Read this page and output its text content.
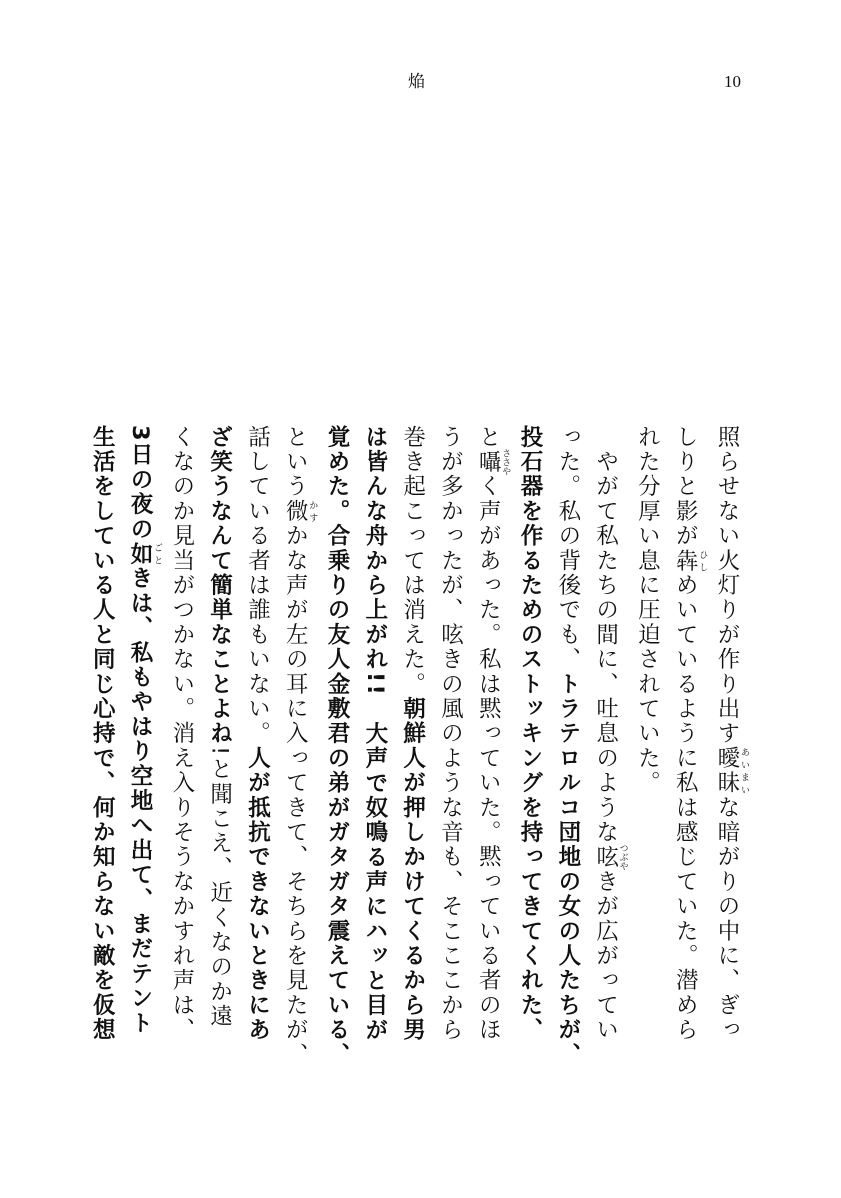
焔	10
照らせない火灯りが作り出す曖昧 あいまいな暗がりの中に、ぎっ
しりと影が犇 ひしめいているように私は感じていた。潜めら
れた分厚い息に圧迫されていた。
　やがて私たちの間に、吐息のような呟 つぶやきが広がってい
った。私の背後でも、トラテロルコ団地の女の人たちが、
投石器を作るためのストッキングを持ってきてくれた、
と囁 ささやく声があった。私は黙っていた。黙っている者のほ
うが多かったが、呟きの風のような音も、そこここから
巻き起こっては消えた。朝鮮人が押しかけてくるから男
は皆んな舟から上がれ!!　大声で奴鳴る声にハッと目が
覚めた。合乗りの友人金敷君の弟がガタガタ震えている、
という微 かすかな声が左の耳に入ってきて、そちらを見たが、
話している者は誰もいない。人が抵抗できないときにあ
ざ笑うなんて簡単なことよね!と聞こえ、近くなのか遠
くなのか見当がつかない。消え入りそうなかすれ声は、
3日の夜の如 ごときは、私もやはり空地へ出て、まだテント
生活をしている人と同じ心持で、何か知らない敵を仮想
